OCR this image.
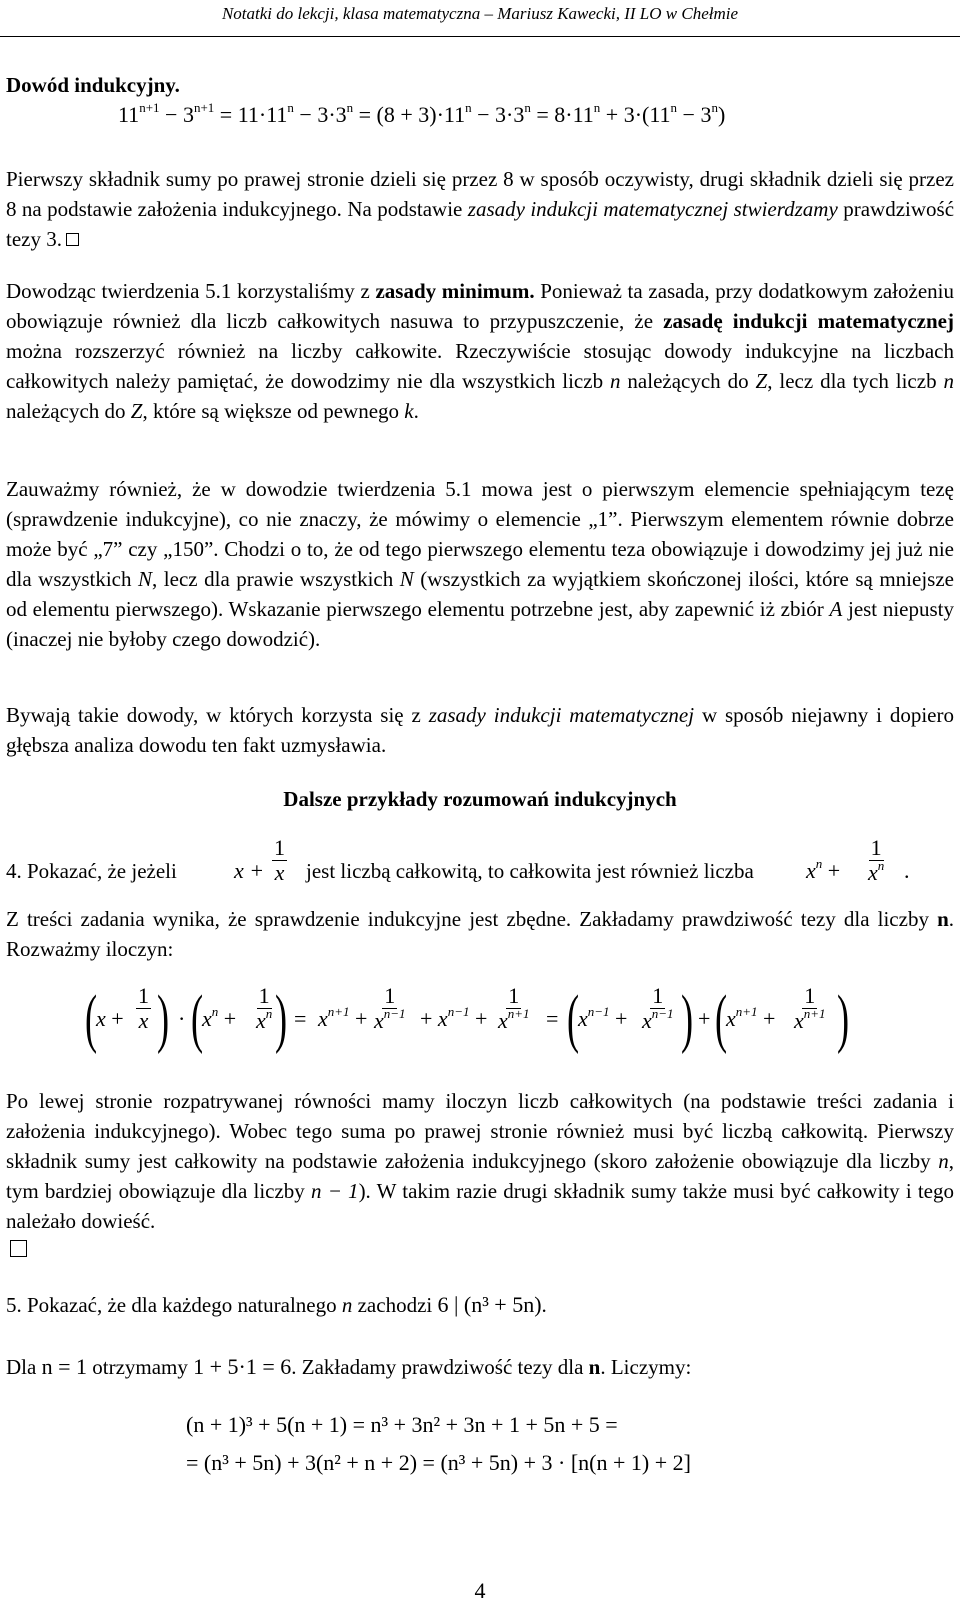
Notatki do lekcji, klasa matematyczna – Mariusz Kawecki, II LO w Chełmie
Dowód indukcyjny.
$11^{n+1} - 3^{n+1} = 11\cdot 11^n - 3\cdot 3^n = (8 + 3)\cdot 11^n - 3\cdot 3^n = 8\cdot 11^n + 3\cdot(11^n - 3^n)$
Pierwszy składnik sumy po prawej stronie dzieli się przez 8 w sposób oczywisty, drugi składnik dzieli się przez 8 na podstawie założenia indukcyjnego. Na podstawie zasady indukcji matematycznej stwierdzamy prawdziwość tezy 3.
Dowodząc twierdzenia 5.1 korzystaliśmy z zasady minimum. Ponieważ ta zasada, przy dodatkowym założeniu obowiązuje również dla liczb całkowitych nasuwa to przypuszczenie, że zasadę indukcji matematycznej można rozszerzyć również na liczby całkowite. Rzeczywiście stosując dowody indukcyjne na liczbach całkowitych należy pamiętać, że dowodzimy nie dla wszystkich liczb n należących do Z, lecz dla tych liczb n należących do Z, które są większe od pewnego k.
Zauważmy również, że w dowodzie twierdzenia 5.1 mowa jest o pierwszym elemencie spełniającym tezę (sprawdzenie indukcyjne), co nie znaczy, że mówimy o elemencie „1”. Pierwszym elementem równie dobrze może być „7” czy „150”. Chodzi o to, że od tego pierwszego elementu teza obowiązuje i dowodzimy jej już nie dla wszystkich N, lecz dla prawie wszystkich N (wszystkich za wyjątkiem skończonej ilości, które są mniejsze od elementu pierwszego). Wskazanie pierwszego elementu potrzebne jest, aby zapewnić iż zbiór A jest niepusty (inaczej nie byłoby czego dowodzić).
Bywają takie dowody, w których korzysta się z zasady indukcji matematycznej w sposób niejawny i dopiero głębsza analiza dowodu ten fakt uzmysławia.
Dalsze przykłady rozumowań indukcyjnych
4. Pokazać, że jeżeli	$x + \frac{1}{x}$ jest liczbą całkowitą, to całkowita jest również liczba $x^n + \frac{1}{x^n}$ .
Z treści zadania wynika, że sprawdzenie indukcyjne jest zbędne. Zakładamy prawdziwość tezy dla liczby n. Rozważmy iloczyn:
(
$x + \frac{1}{x}$ ) · (
$x^n + \frac{1}{x^n}$ ) = $x^{n+1} + \frac{1}{x^{n-1}} + x^{n-1} + \frac{1}{x^{n+1}}$ = (
$x^{n-1} + \frac{1}{x^{n-1}}$ ) + (
$x^{n+1} + \frac{1}{x^{n+1}}$ )
Po lewej stronie rozpatrywanej równości mamy iloczyn liczb całkowitych (na podstawie treści zadania i założenia indukcyjnego). Wobec tego suma po prawej stronie również musi być liczbą całkowitą. Pierwszy składnik sumy jest całkowity na podstawie założenia indukcyjnego (skoro założenie obowiązuje dla liczby n, tym bardziej obowiązuje dla liczby n − 1). W takim razie drugi składnik sumy także musi być całkowity i tego należało dowieść.
5. Pokazać, że dla każdego naturalnego n zachodzi 6 | (n³ + 5n).
Dla n = 1 otrzymamy 1 + 5·1 = 6. Zakładamy prawdziwość tezy dla n. Liczymy:
(n + 1)³ + 5(n + 1) = n³ + 3n² + 3n + 1 + 5n + 5 =
= (n³ + 5n) + 3(n² + n + 2) = (n³ + 5n) + 3 · [n(n + 1) + 2]
4
